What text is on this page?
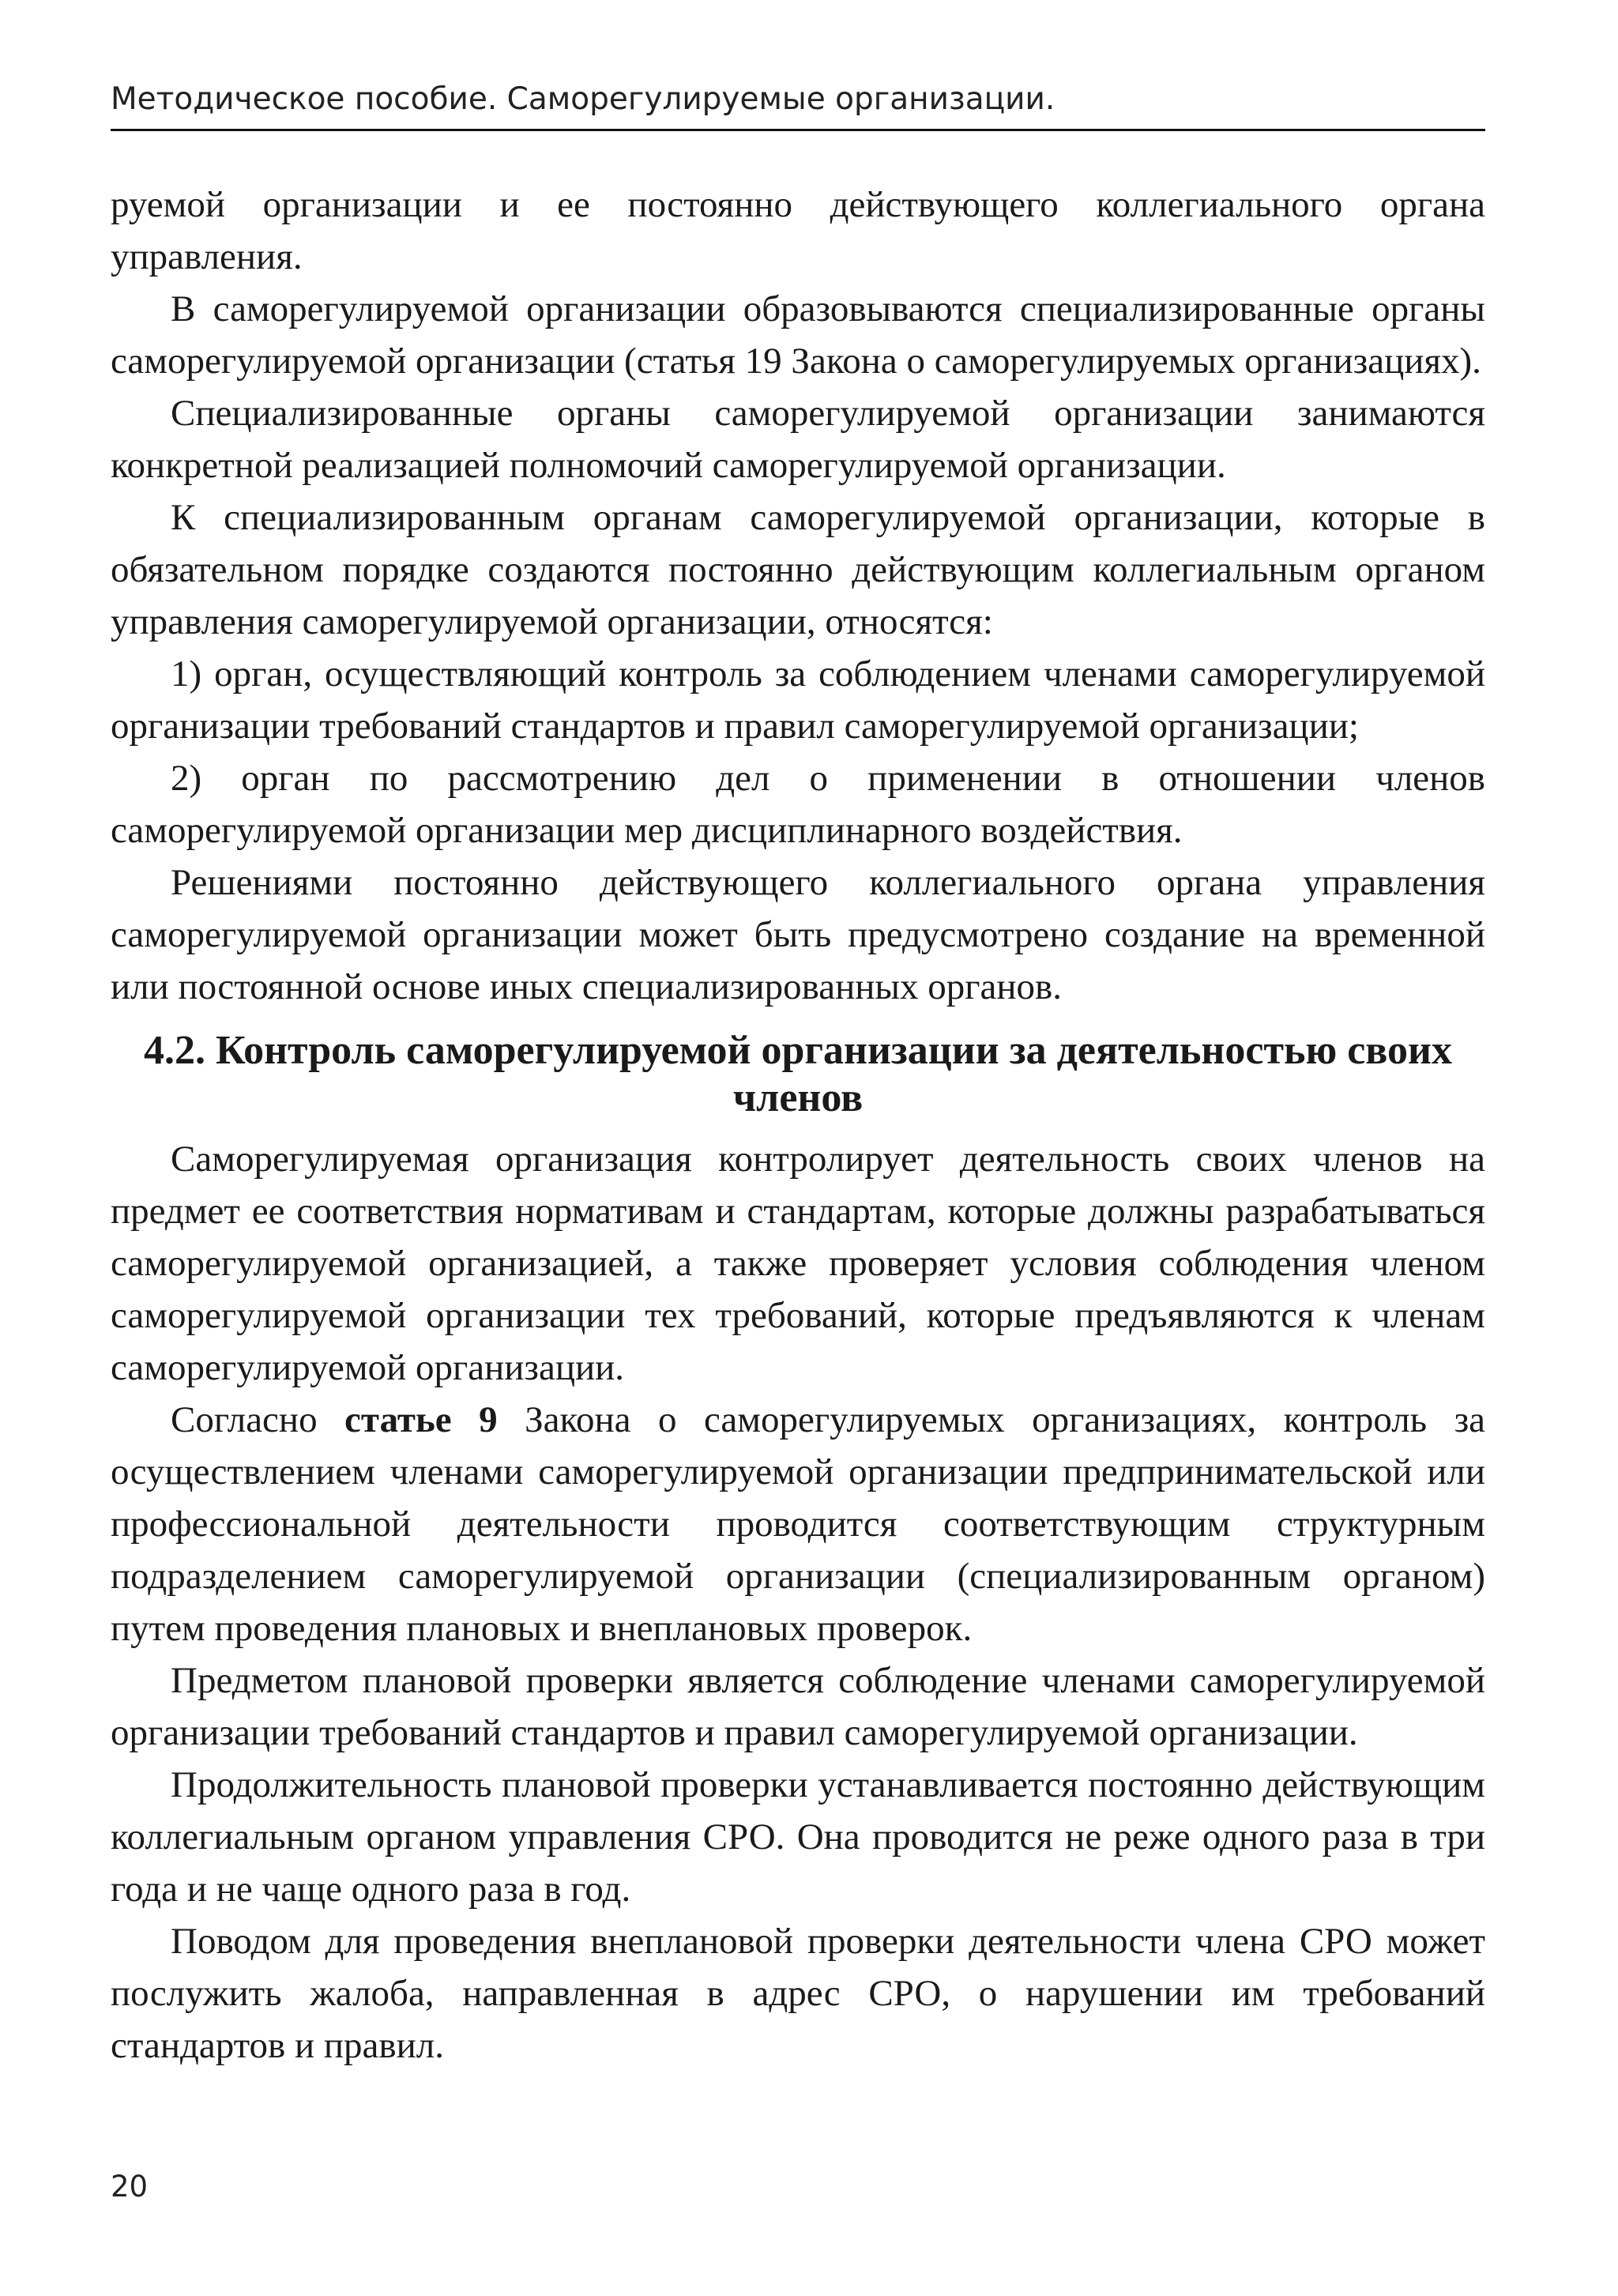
Методическое пособие. Саморегулируемые организации.

руемой организации и ее постоянно действующего коллегиального органа управления.

В саморегулируемой организации образовываются специализированные органы саморегулируемой организации (статья 19 Закона о саморегулируемых организациях).

Специализированные органы саморегулируемой организации занимаются конкретной реализацией полномочий саморегулируемой организации.

К специализированным органам саморегулируемой организации, которые в обязательном порядке создаются постоянно действующим коллегиальным органом управления саморегулируемой организации, относятся:

1) орган, осуществляющий контроль за соблюдением членами саморегулируемой организации требований стандартов и правил саморегулируемой организации;

2) орган по рассмотрению дел о применении в отношении членов саморегулируемой организации мер дисциплинарного воздействия.

Решениями постоянно действующего коллегиального органа управления саморегулируемой организации может быть предусмотрено создание на временной или постоянной основе иных специализированных органов.

4.2. Контроль саморегулируемой организации за деятельностью своих членов

Саморегулируемая организация контролирует деятельность своих членов на предмет ее соответствия нормативам и стандартам, которые должны разрабатываться саморегулируемой организацией, а также проверяет условия соблюдения членом саморегулируемой организации тех требований, которые предъявляются к членам саморегулируемой организации.

Согласно статье 9 Закона о саморегулируемых организациях, контроль за осуществлением членами саморегулируемой организации предпринимательской или профессиональной деятельности проводится соответствующим структурным подразделением саморегулируемой организации (специализированным органом) путем проведения плановых и внеплановых проверок.

Предметом плановой проверки является соблюдение членами саморегулируемой организации требований стандартов и правил саморегулируемой организации.

Продолжительность плановой проверки устанавливается постоянно действующим коллегиальным органом управления СРО. Она проводится не реже одного раза в три года и не чаще одного раза в год.

Поводом для проведения внеплановой проверки деятельности члена СРО может послужить жалоба, направленная в адрес СРО, о нарушении им требований стандартов и правил.

20
